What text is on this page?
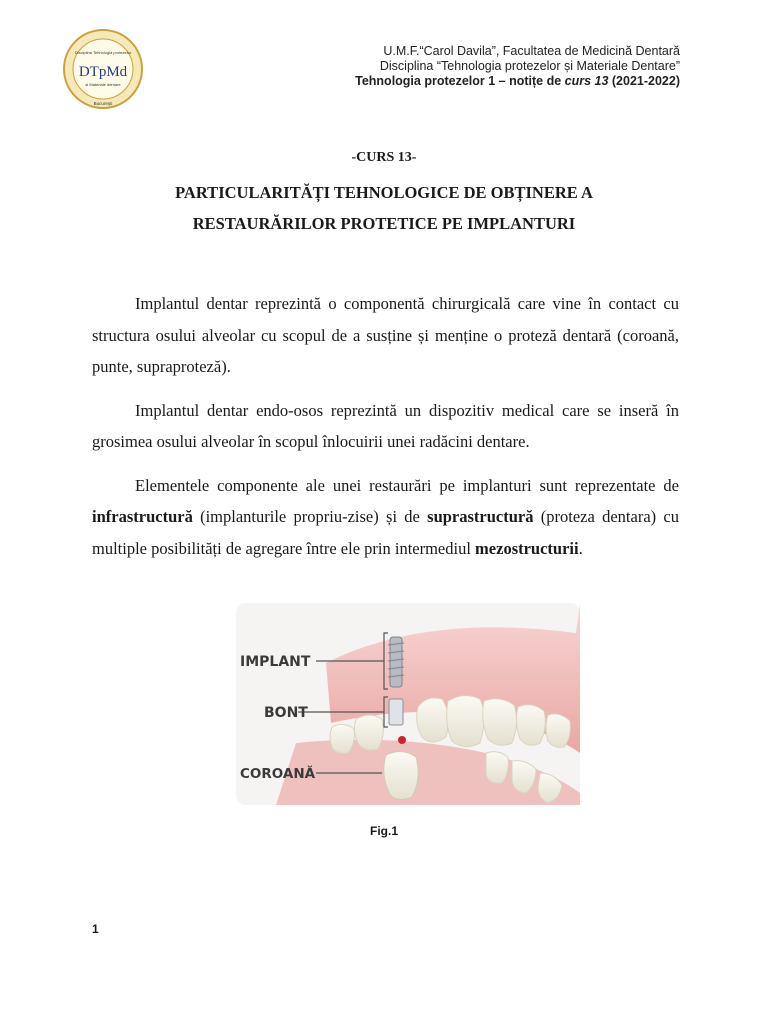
DTpMd
Disciplina Tehnologia protezelor
și Materiale dentare
București
U.M.F.“Carol Davila”, Facultatea de Medicină Dentară
Disciplina “Tehnologia protezelor și Materiale Dentare”
Tehnologia protezelor 1 – notițe de curs 13 (2021-2022)
-CURS 13-
PARTICULARITĂȚI TEHNOLOGICE DE OBȚINERE A
RESTAURĂRILOR PROTETICE PE IMPLANTURI

Implantul dentar reprezintă o componentă chirurgicală care vine în contact cu structura osului alveolar cu scopul de a susține și menține o proteză dentară (coroană, punte, supraproteză).

Implantul dentar endo-osos reprezintă un dispozitiv medical care se inseră în grosimea osului alveolar în scopul înlocuirii unei radăcini dentare.

Elementele componente ale unei restaurări pe implanturi sunt reprezentate de infrastructură (implanturile propriu-zise) și de suprastructură (proteza dentara) cu multiple posibilități de agregare între ele prin intermediul mezostructurii.

IMPLANT
BONT
COROANĂ
Fig.1
1
